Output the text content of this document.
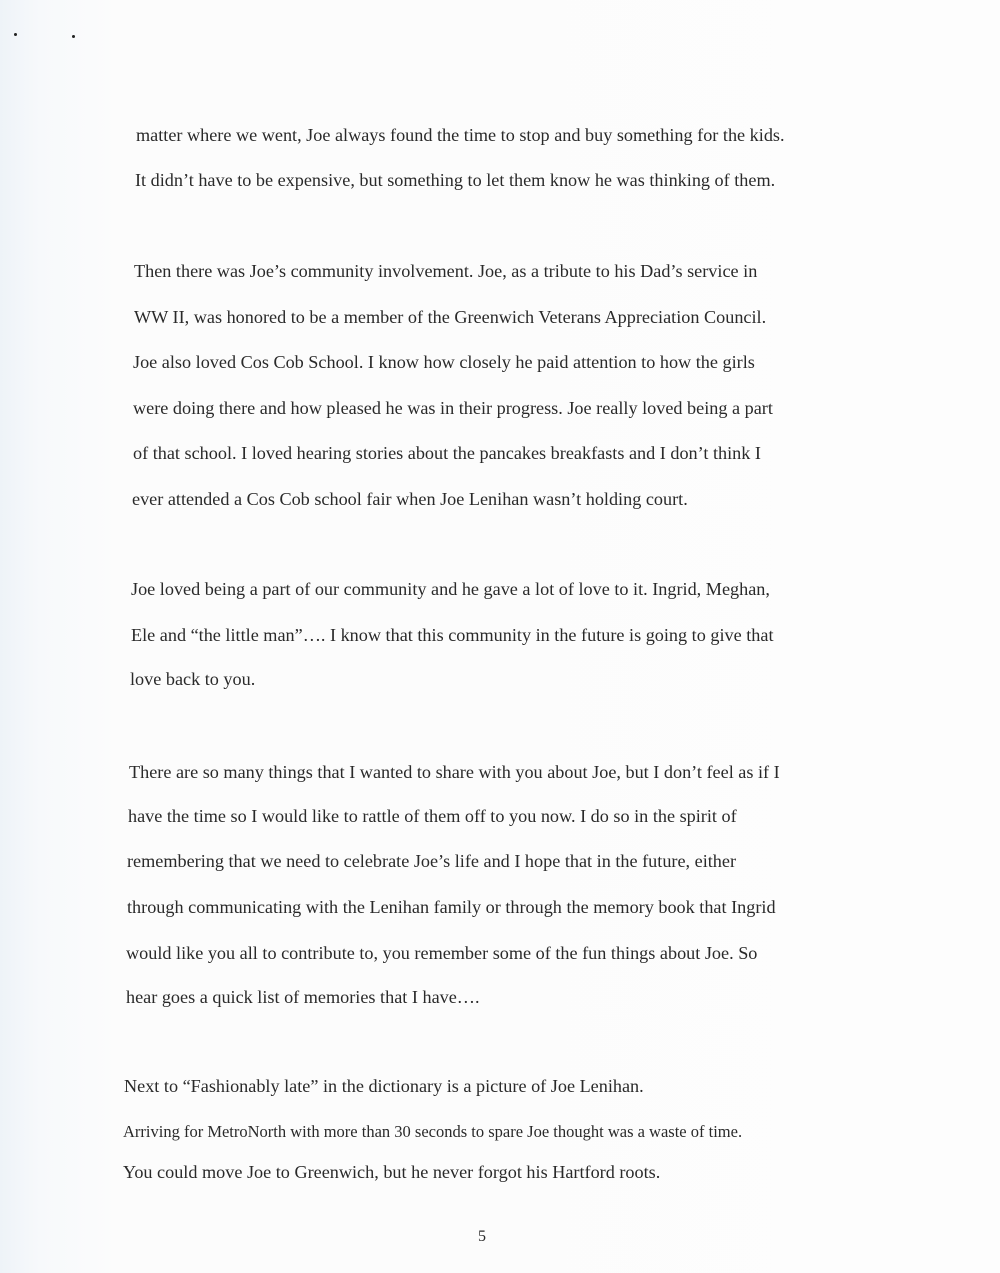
matter where we went, Joe always found the time to stop and buy something for the kids.

It didn’t have to be expensive, but something to let them know he was thinking of them.

Then there was Joe’s community involvement. Joe, as a tribute to his Dad’s service in

WW II, was honored to be a member of the Greenwich Veterans Appreciation Council.

Joe also loved Cos Cob School. I know how closely he paid attention to how the girls

were doing there and how pleased he was in their progress. Joe really loved being a part

of that school. I loved hearing stories about the pancakes breakfasts and I don’t think I

ever attended a Cos Cob school fair when Joe Lenihan wasn’t holding court.

Joe loved being a part of our community and he gave a lot of love to it. Ingrid, Meghan,

Ele and “the little man”…. I know that this community in the future is going to give that

love back to you.

There are so many things that I wanted to share with you about Joe, but I don’t feel as if I

have the time so I would like to rattle of them off to you now. I do so in the spirit of

remembering that we need to celebrate Joe’s life and I hope that in the future, either

through communicating with the Lenihan family or through the memory book that Ingrid

would like you all to contribute to, you remember some of the fun things about Joe. So

hear goes a quick list of memories that I have….

Next to “Fashionably late” in the dictionary is a picture of Joe Lenihan.

Arriving for MetroNorth with more than 30 seconds to spare Joe thought was a waste of time.

You could move Joe to Greenwich, but he never forgot his Hartford roots.

5
